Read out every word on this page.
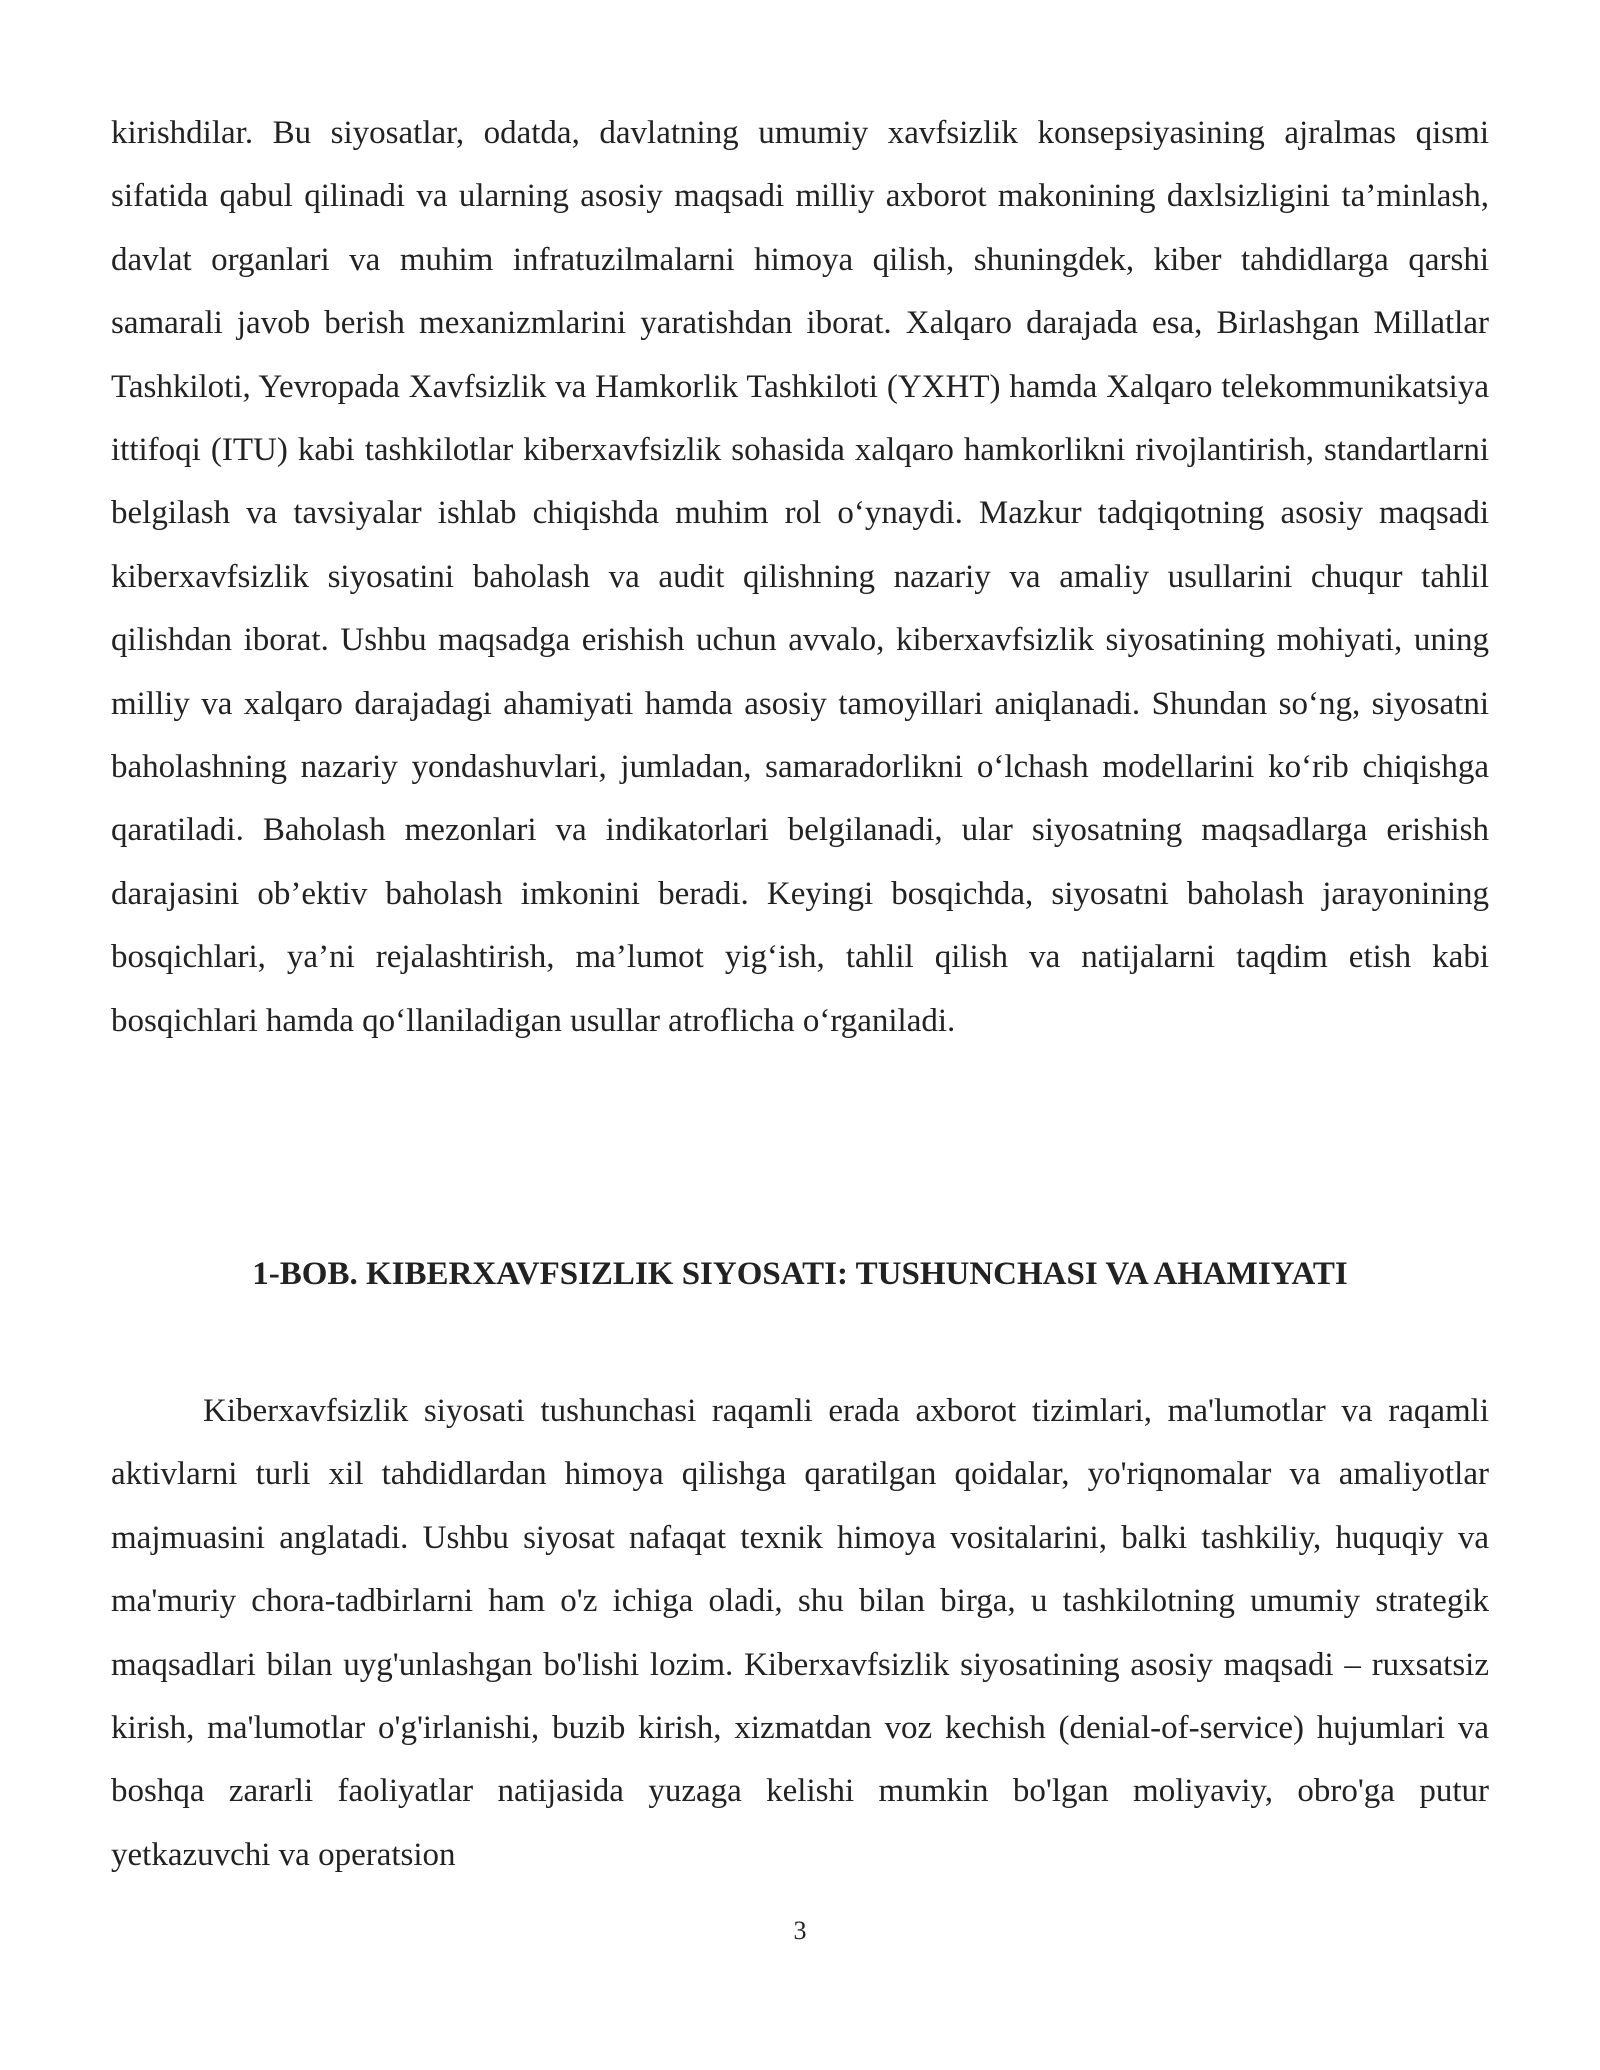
kirishdilar. Bu siyosatlar, odatda, davlatning umumiy xavfsizlik konsepsiyasining ajralmas qismi sifatida qabul qilinadi va ularning asosiy maqsadi milliy axborot makonining daxlsizligini ta’minlash, davlat organlari va muhim infratuzilmalarni himoya qilish, shuningdek, kiber tahdidlarga qarshi samarali javob berish mexanizmlarini yaratishdan iborat. Xalqaro darajada esa, Birlashgan Millatlar Tashkiloti, Yevropada Xavfsizlik va Hamkorlik Tashkiloti (YXHT) hamda Xalqaro telekommunikatsiya ittifoqi (ITU) kabi tashkilotlar kiberxavfsizlik sohasida xalqaro hamkorlikni rivojlantirish, standartlarni belgilash va tavsiyalar ishlab chiqishda muhim rol o‘ynaydi. Mazkur tadqiqotning asosiy maqsadi kiberxavfsizlik siyosatini baholash va audit qilishning nazariy va amaliy usullarini chuqur tahlil qilishdan iborat. Ushbu maqsadga erishish uchun avvalo, kiberxavfsizlik siyosatining mohiyati, uning milliy va xalqaro darajadagi ahamiyati hamda asosiy tamoyillari aniqlanadi. Shundan so‘ng, siyosatni baholashning nazariy yondashuvlari, jumladan, samaradorlikni o‘lchash modellarini ko‘rib chiqishga qaratiladi. Baholash mezonlari va indikatorlari belgilanadi, ular siyosatning maqsadlarga erishish darajasini ob’ektiv baholash imkonini beradi. Keyingi bosqichda, siyosatni baholash jarayonining bosqichlari, ya’ni rejalashtirish, ma’lumot yig‘ish, tahlil qilish va natijalarni taqdim etish kabi bosqichlari hamda qo‘llaniladigan usullar atroflicha o‘rganiladi.

1-BOB. KIBERXAVFSIZLIK SIYOSATI: TUSHUNCHASI VA AHAMIYATI

Kiberxavfsizlik siyosati tushunchasi raqamli erada axborot tizimlari, ma'lumotlar va raqamli aktivlarni turli xil tahdidlardan himoya qilishga qaratilgan qoidalar, yo'riqnomalar va amaliyotlar majmuasini anglatadi. Ushbu siyosat nafaqat texnik himoya vositalarini, balki tashkiliy, huquqiy va ma'muriy chora-tadbirlarni ham o'z ichiga oladi, shu bilan birga, u tashkilotning umumiy strategik maqsadlari bilan uyg'unlashgan bo'lishi lozim. Kiberxavfsizlik siyosatining asosiy maqsadi – ruxsatsiz kirish, ma'lumotlar o'g'irlanishi, buzib kirish, xizmatdan voz kechish (denial-of-service) hujumlari va boshqa zararli faoliyatlar natijasida yuzaga kelishi mumkin bo'lgan moliyaviy, obro'ga putur yetkazuvchi va operatsion

3
